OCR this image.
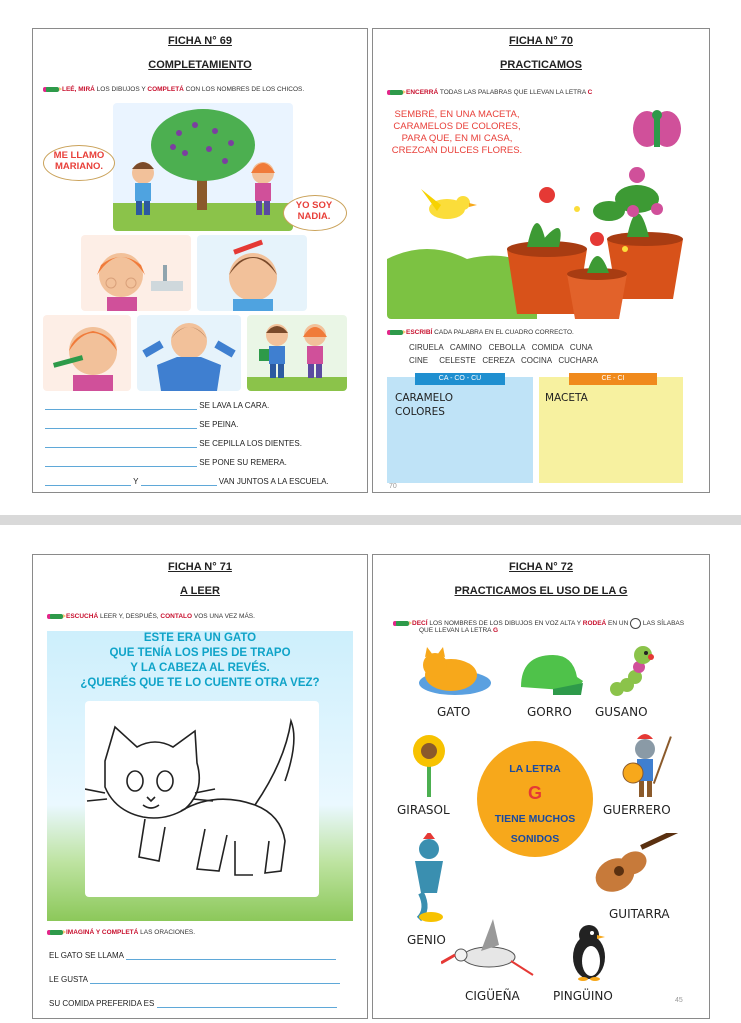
FICHA N° 69
COMPLETAMIENTO
LEÉ, MIRÁ LOS DIBUJOS Y COMPLETÁ CON LOS NOMBRES DE LOS CHICOS.
ME LLAMO MARIANO.
YO SOY NADIA.
SE LAVA LA CARA.
SE PEINA.
SE CEPILLA LOS DIENTES.
SE PONE SU REMERA.
Y	VAN JUNTOS A LA ESCUELA.
FICHA N° 70
PRACTICAMOS
ENCERRÁ TODAS LAS PALABRAS QUE LLEVAN LA LETRA C
SEMBRÉ, EN UNA MACETA,
CARAMELOS DE COLORES,
PARA QUE, EN MI CASA,
CREZCAN DULCES FLORES.
ESCRIBÍ CADA PALABRA EN EL CUADRO CORRECTO.
CIRUELA   CAMINO   CEBOLLA   COMIDA   CUNA
CINE     CELESTE   CEREZA   COCINA   CUCHARA
CA - CO - CU
CARAMELO
COLORES
CE - CI
MACETA
70
FICHA N° 71
A LEER
ESCUCHÁ LEER Y, DESPUÉS, CONTALO VOS UNA VEZ MÁS.
ESTE ERA UN GATO
QUE TENÍA LOS PIES DE TRAPO
Y LA CABEZA AL REVÉS.
¿QUERÉS QUE TE LO CUENTE OTRA VEZ?
IMAGINÁ Y COMPLETÁ LAS ORACIONES.
EL GATO SE LLAMA
LE GUSTA
SU COMIDA PREFERIDA ES
FICHA N° 72
PRACTICAMOS EL USO DE LA G
DECÍ LOS NOMBRES DE LOS DIBUJOS EN VOZ ALTA Y RODEÁ EN UN  LAS SÍLABAS
QUE LLEVAN LA LETRA G
GATO	GORRO GUSANO
GIRASOL
LA LETRA
G
TIENE MUCHOS
SONIDOS
GUERRERO
GENIO
GUITARRA
CIGÜEÑA	PINGÜINO	45
